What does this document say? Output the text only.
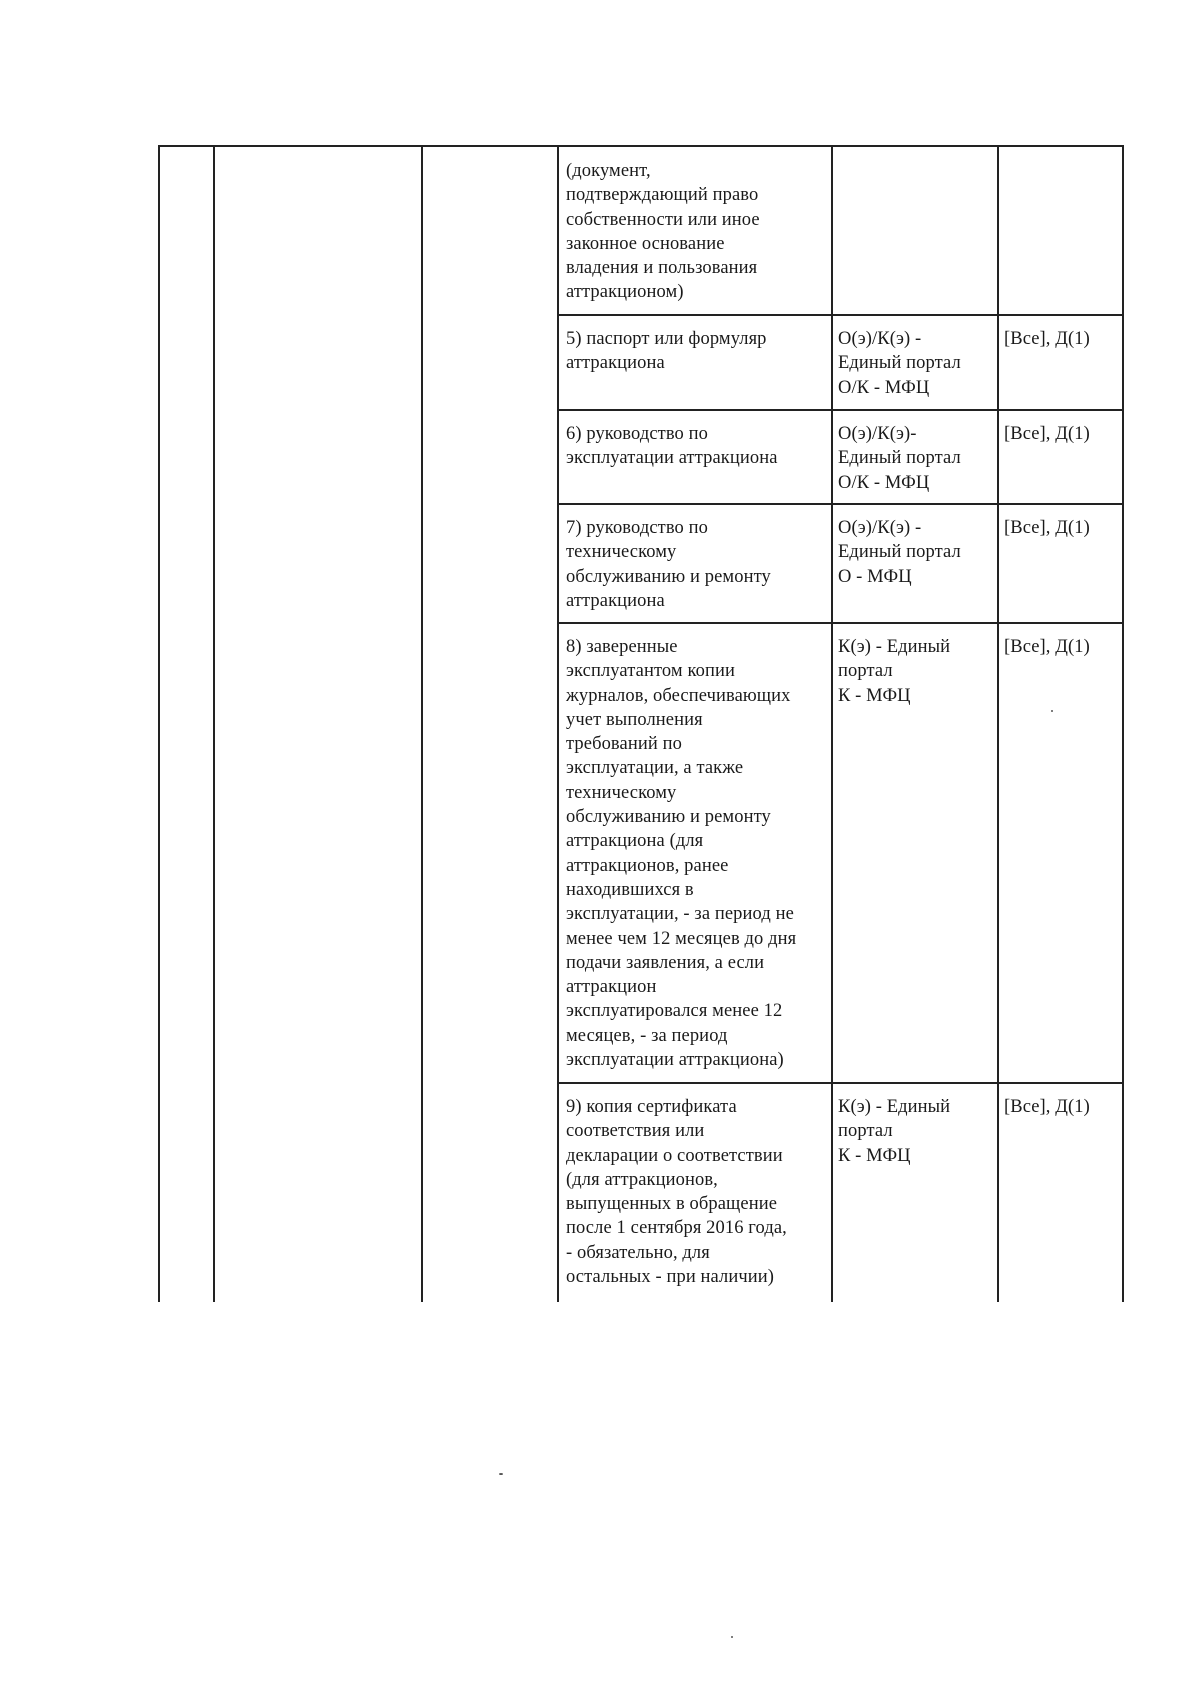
(документ,
подтверждающий право
собственности или иное
законное основание
владения и пользования
аттракционом)
5) паспорт или формуляр
аттракциона
О(э)/К(э) -
Единый портал
О/К - МФЦ
[Все], Д(1)
6) руководство по
эксплуатации аттракциона
О(э)/К(э)-
Единый портал
О/К - МФЦ
[Все], Д(1)
7) руководство по
техническому
обслуживанию и ремонту
аттракциона
О(э)/К(э) -
Единый портал
О - МФЦ
[Все], Д(1)
8) заверенные
эксплуатантом копии
журналов, обеспечивающих
учет выполнения
требований по
эксплуатации, а также
техническому
обслуживанию и ремонту
аттракциона (для
аттракционов, ранее
находившихся в
эксплуатации, - за период не
менее чем 12 месяцев до дня
подачи заявления, а если
аттракцион
эксплуатировался менее 12
месяцев, - за период
эксплуатации аттракциона)
К(э) - Единый
портал
К - МФЦ
[Все], Д(1)
9) копия сертификата
соответствия или
декларации о соответствии
(для аттракционов,
выпущенных в обращение
после 1 сентября 2016 года,
- обязательно, для
остальных - при наличии)
К(э) - Единый
портал
К - МФЦ
[Все], Д(1)
